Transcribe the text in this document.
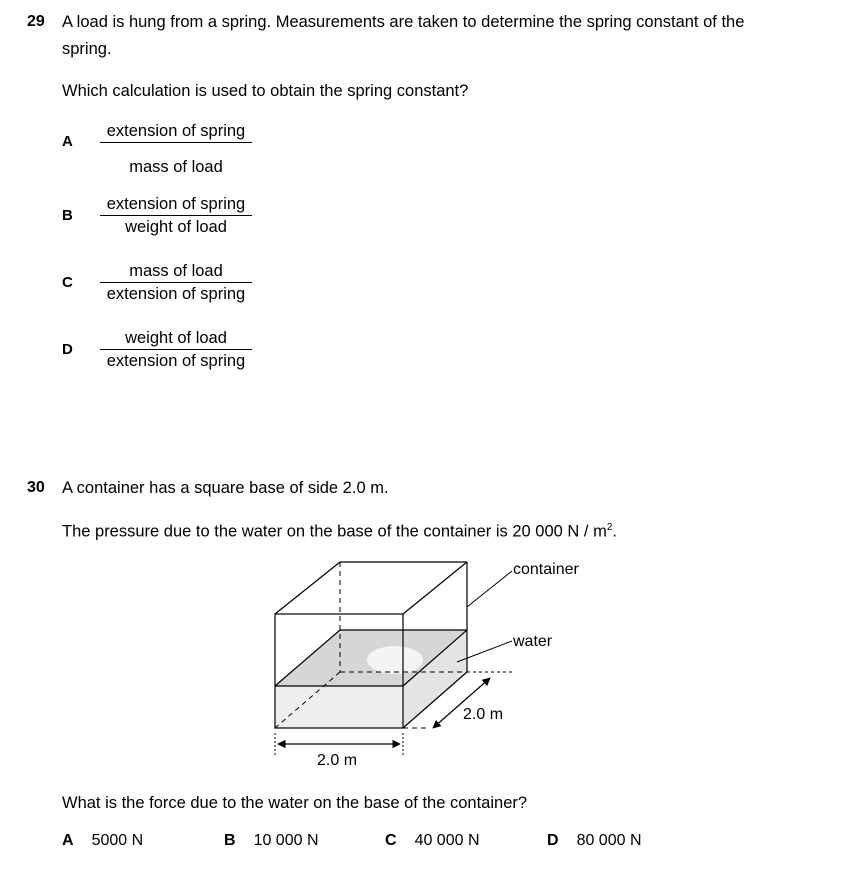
29 A load is hung from a spring. Measurements are taken to determine the spring constant of the
spring.
Which calculation is used to obtain the spring constant?
A
extension of spring
mass of load
B
extension of spring
weight of load
C
mass of load
extension of spring
D
weight of load
extension of spring
30 A container has a square base of side 2.0 m.
The pressure due to the water on the base of the container is 20 000 N / $m^2$.
container
water
2.0 m
2.0 m
What is the force due to the water on the base of the container?
A 5000 N	B 10 000 N	C 40 000 N	D 80 000 N
